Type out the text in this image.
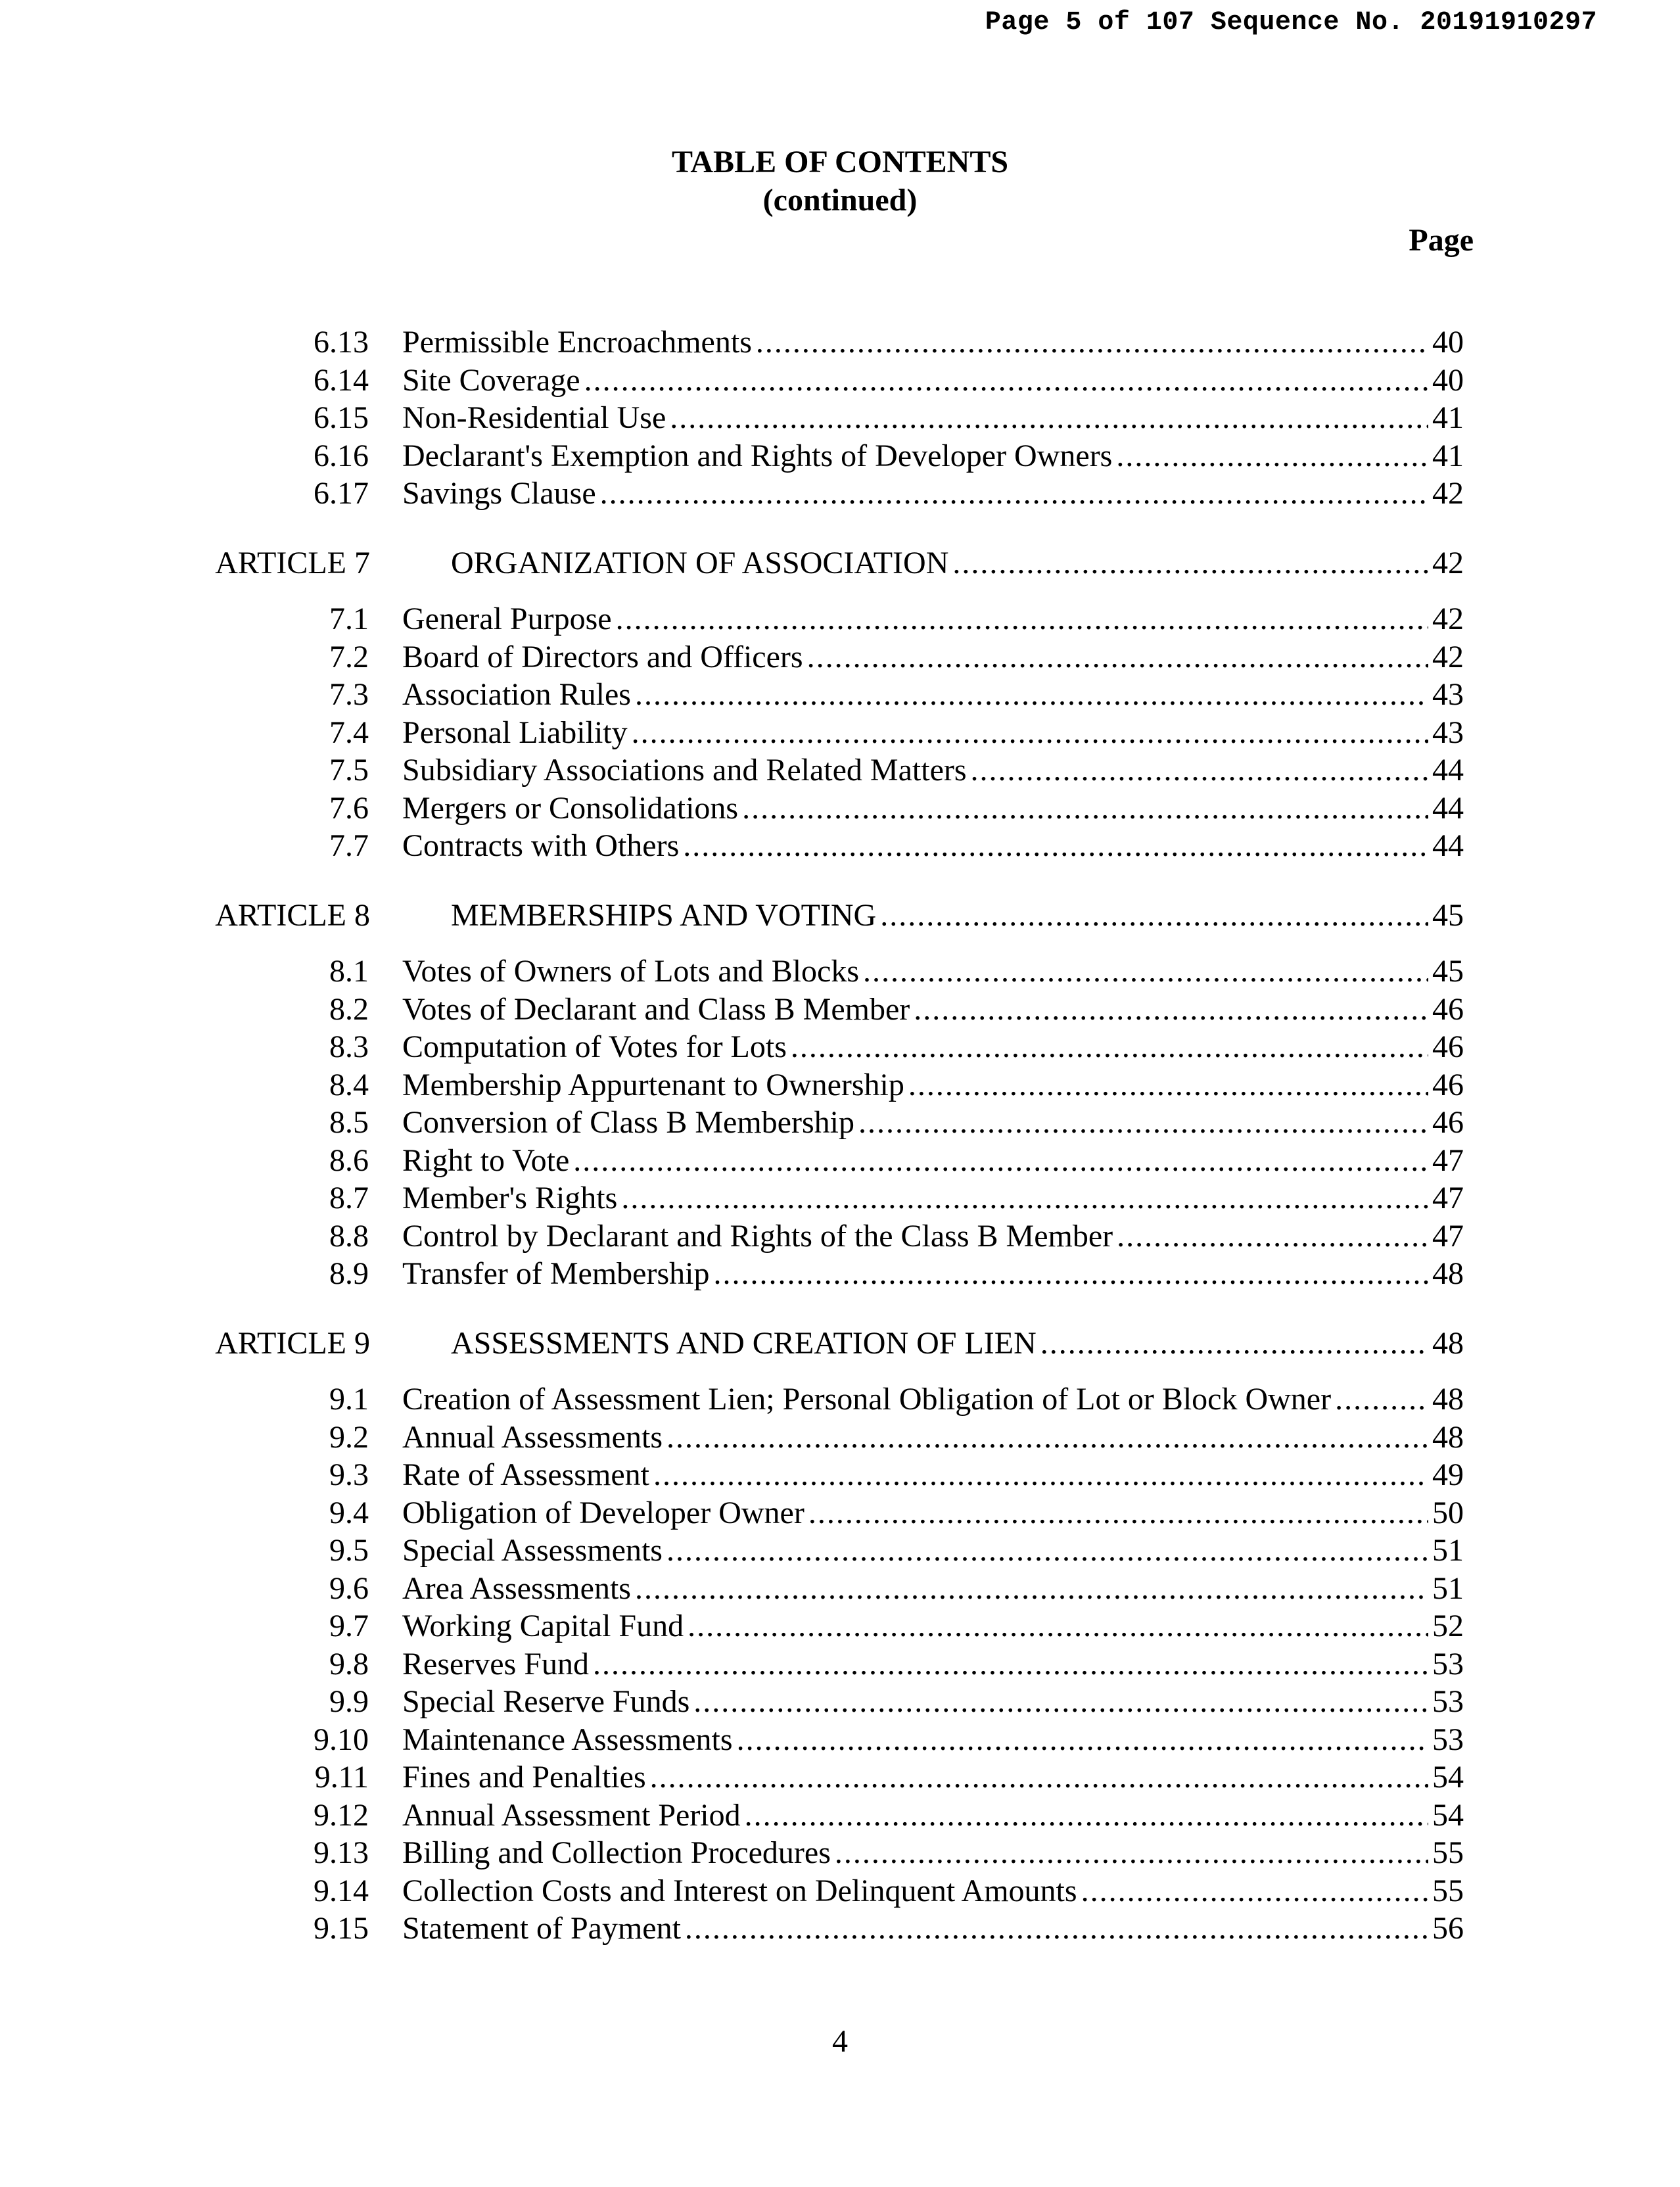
Page 5 of 107 Sequence No. 20191910297
TABLE OF CONTENTS
(continued)
Page
6.13 Permissible Encroachments .....	40
6.14 Site Coverage .....	40
6.15 Non-Residential Use .....	41
6.16 Declarant's Exemption and Rights of Developer Owners .....	41
6.17 Savings Clause .....	42
ARTICLE 7	ORGANIZATION OF ASSOCIATION .....	42
7.1 General Purpose .....	42
7.2 Board of Directors and Officers .....	42
7.3 Association Rules .....	43
7.4 Personal Liability .....	43
7.5 Subsidiary Associations and Related Matters .....	44
7.6 Mergers or Consolidations .....	44
7.7 Contracts with Others .....	44
ARTICLE 8	MEMBERSHIPS AND VOTING .....	45
8.1 Votes of Owners of Lots and Blocks .....	45
8.2 Votes of Declarant and Class B Member .....	46
8.3 Computation of Votes for Lots .....	46
8.4 Membership Appurtenant to Ownership .....	46
8.5 Conversion of Class B Membership .....	46
8.6 Right to Vote .....	47
8.7 Member's Rights .....	47
8.8 Control by Declarant and Rights of the Class B Member .....	47
8.9 Transfer of Membership .....	48
ARTICLE 9	ASSESSMENTS AND CREATION OF LIEN .....	48
9.1 Creation of Assessment Lien; Personal Obligation of Lot or Block Owner .....	48
9.2 Annual Assessments .....	48
9.3 Rate of Assessment .....	49
9.4 Obligation of Developer Owner .....	50
9.5 Special Assessments .....	51
9.6 Area Assessments .....	51
9.7 Working Capital Fund .....	52
9.8 Reserves Fund .....	53
9.9 Special Reserve Funds .....	53
9.10 Maintenance Assessments .....	53
9.11 Fines and Penalties .....	54
9.12 Annual Assessment Period .....	54
9.13 Billing and Collection Procedures .....	55
9.14 Collection Costs and Interest on Delinquent Amounts .....	55
9.15 Statement of Payment .....	56
4
